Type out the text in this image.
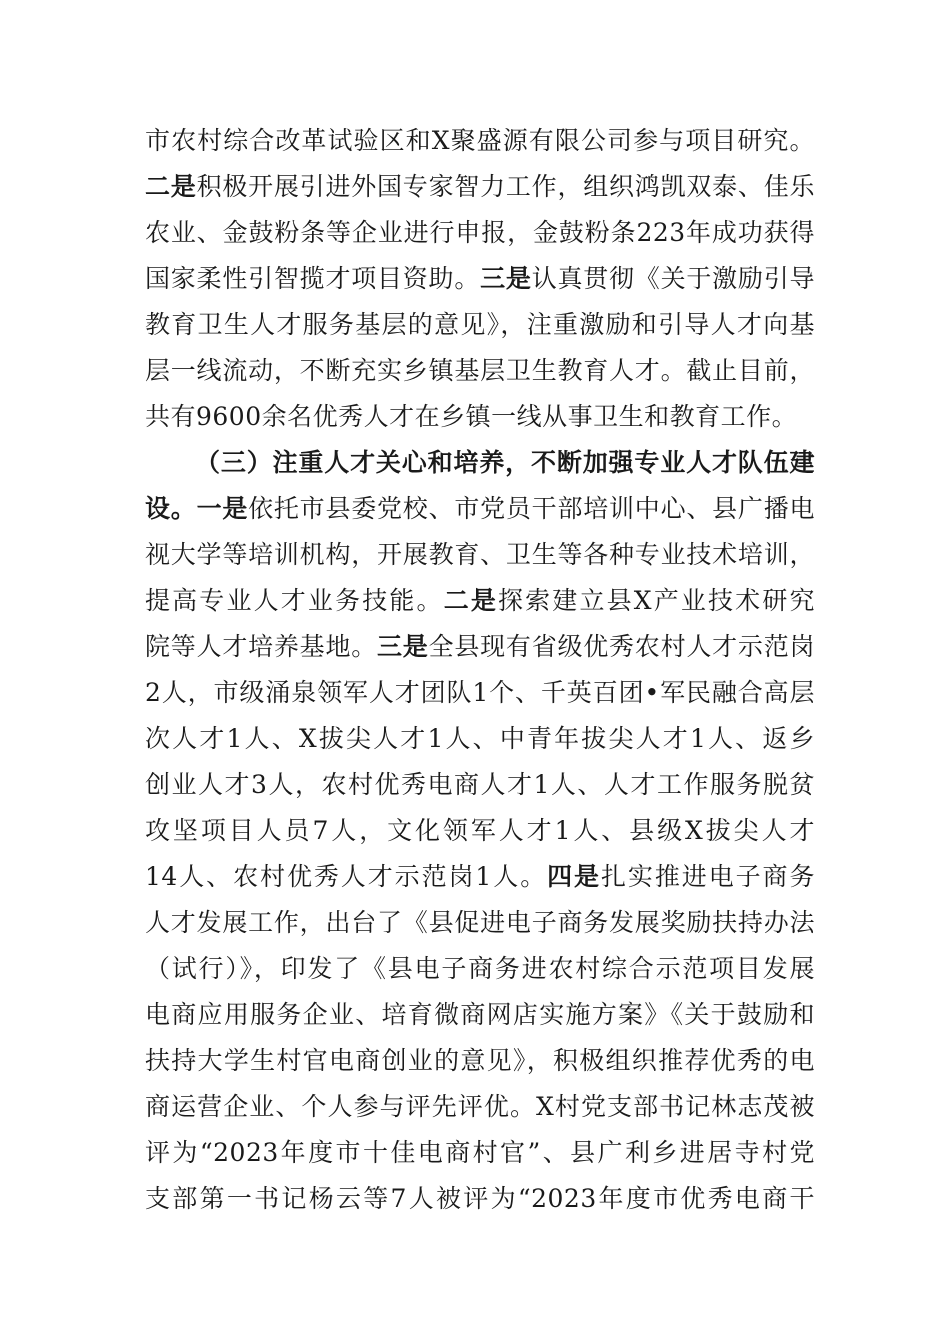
市农村综合改革试验区和X聚盛源有限公司参与项目研究。
二是积极开展引进外国专家智力工作，组织鸿凯双泰、佳乐
农业、金鼓粉条等企业进行申报，金鼓粉条223年成功获得
国家柔性引智揽才项目资助。三是认真贯彻《关于激励引导
教育卫生人才服务基层的意见》，注重激励和引导人才向基
层一线流动，不断充实乡镇基层卫生教育人才。截止目前，
共有9600余名优秀人才在乡镇一线从事卫生和教育工作。
（三）注重人才关心和培养，不断加强专业人才队伍建
设。一是依托市县委党校、市党员干部培训中心、县广播电
视大学等培训机构，开展教育、卫生等各种专业技术培训，
提高专业人才业务技能。二是探索建立县X产业技术研究
院等人才培养基地。三是全县现有省级优秀农村人才示范岗
2人，市级涌泉领军人才团队1个、千英百团•军民融合高层
次人才1人、X拔尖人才1人、中青年拔尖人才1人、返乡
创业人才3人，农村优秀电商人才1人、人才工作服务脱贫
攻坚项目人员7人，文化领军人才1人、县级X拔尖人才
14人、农村优秀人才示范岗1人。四是扎实推进电子商务
人才发展工作，出台了《县促进电子商务发展奖励扶持办法
（试行）》，印发了《县电子商务进农村综合示范项目发展
电商应用服务企业、培育微商网店实施方案》《关于鼓励和
扶持大学生村官电商创业的意见》，积极组织推荐优秀的电
商运营企业、个人参与评先评优。X村党支部书记林志茂被
评为“2023年度市十佳电商村官”、县广利乡进居寺村党
支部第一书记杨云等7人被评为“2023年度市优秀电商干
